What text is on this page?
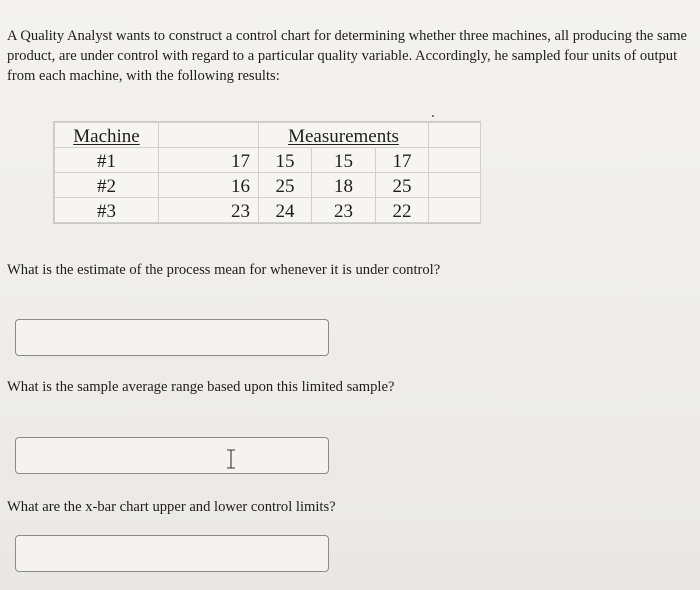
A Quality Analyst wants to construct a control chart for determining whether three machines, all producing the same product, are under control with regard to a particular quality variable. Accordingly, he sampled four units of output from each machine, with the following results:

Machine		Measurements			
#1	17	15	15	17	
#2	16	25	18	25	
#3	23	24	23	22	

What is the estimate of the process mean for whenever it is under control?

What is the sample average range based upon this limited sample?

What are the x-bar chart upper and lower control limits?
